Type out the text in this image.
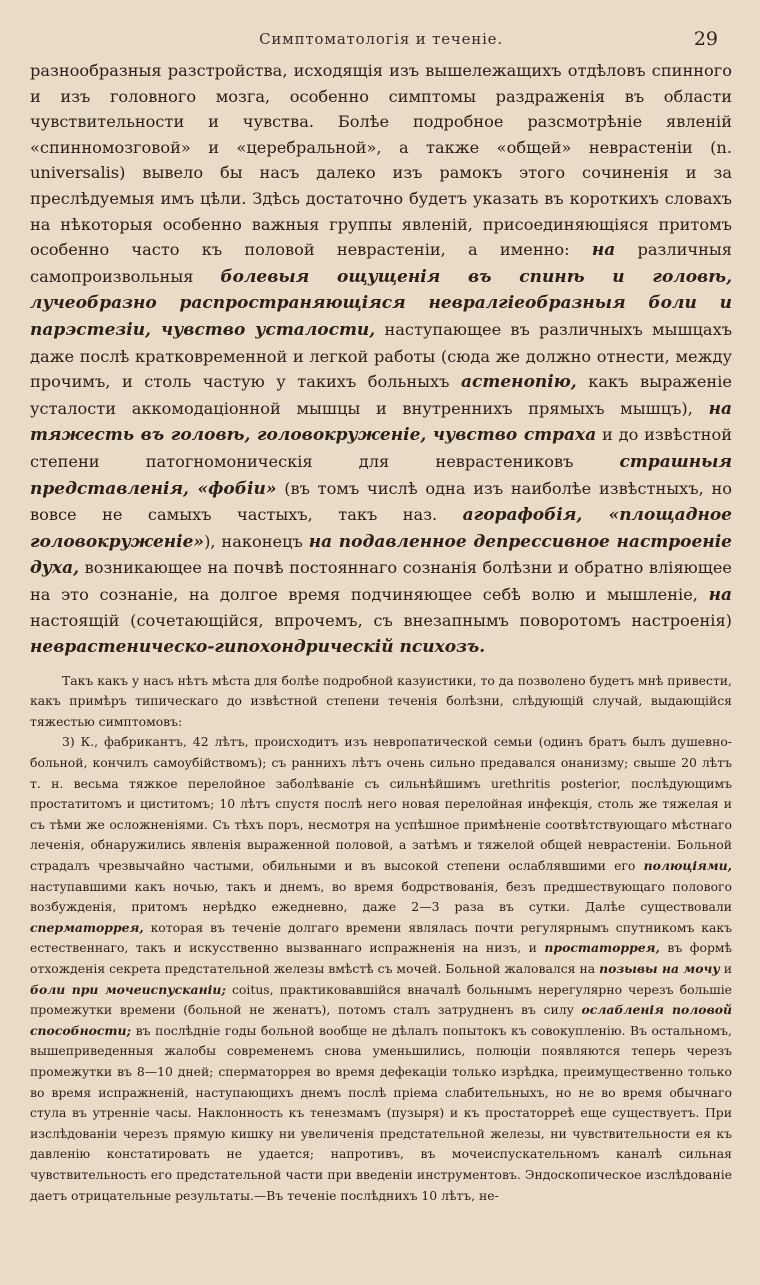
Симптоматологія и теченіе.	29

разнообразныя разстройства, исходящія изъ вышележащихъ отдѣловъ спинного и изъ головного мозга, особенно симптомы раздраженія въ области чувствительности и чувства. Болѣе подробное разсмотрѣніе явленій «спинномозговой» и «церебральной», а также «общей» неврастеніи (n. universalis) вывело бы насъ далеко изъ рамокъ этого сочиненія и за преслѣдуемыя имъ цѣли. Здѣсь достаточно будетъ указать въ короткихъ словахъ на нѣкоторыя особенно важныя группы явленій, присоединяющіяся притомъ особенно часто къ половой неврастеніи, а именно: на различныя самопроизвольныя болевыя ощущенія въ спинѣ и головѣ, лучеобразно распространяющіяся невралгіеобразныя боли и парэстезіи, чувство усталости, наступающее въ различныхъ мышцахъ даже послѣ кратковременной и легкой работы (сюда же должно отнести, между прочимъ, и столь частую у такихъ больныхъ астенопію, какъ выраженіе усталости аккомодаціонной мышцы и внутреннихъ прямыхъ мышцъ), на тяжесть въ головѣ, головокруженіе, чувство страха и до извѣстной степени патогномоническія для неврастениковъ страшныя представленія, «фобіи» (въ томъ числѣ одна изъ наиболѣе извѣстныхъ, но вовсе не самыхъ частыхъ, такъ наз. агорафобія, «площадное головокруженіе»), наконецъ на подавленное депрессивное настроеніе духа, возникающее на почвѣ постояннаго сознанія болѣзни и обратно вліяющее на это сознаніе, на долгое время подчиняющее себѣ волю и мышленіе, на настоящій (сочетающійся, впрочемъ, съ внезапнымъ поворотомъ настроенія) неврастеническо-гипохондрическій психозъ.

Такъ какъ у насъ нѣтъ мѣста для болѣе подробной казуистики, то да позволено будетъ мнѣ привести, какъ примѣръ типическаго до извѣстной степени теченія болѣзни, слѣдующій случай, выдающійся тяжестью симптомовъ:

3) К., фабрикантъ, 42 лѣтъ, происходитъ изъ невропатической семьи (одинъ братъ былъ душевно-больной, кончилъ самоубійствомъ); съ раннихъ лѣтъ очень сильно предавался онанизму; свыше 20 лѣтъ т. н. весьма тяжкое перелойное заболѣваніе съ сильнѣйшимъ urethritis posterior, послѣдующимъ простатитомъ и циститомъ; 10 лѣтъ спустя послѣ него новая перелойная инфекція, столь же тяжелая и съ тѣми же осложненіями. Съ тѣхъ поръ, несмотря на успѣшное примѣненіе соотвѣтствующаго мѣстнаго леченія, обнаружились явленія выраженной половой, а затѣмъ и тяжелой общей неврастеніи. Больной страдалъ чрезвычайно частыми, обильными и въ высокой степени ослаблявшими его полюціями, наступавшими какъ ночью, такъ и днемъ, во время бодрствованія, безъ предшествующаго полового возбужденія, притомъ нерѣдко ежедневно, даже 2—3 раза въ сутки. Далѣе существовали сперматоррея, которая въ теченіе долгаго времени являлась почти регулярнымъ спутникомъ какъ естественнаго, такъ и искусственно вызваннаго испражненія на низъ, и простаторрея, въ формѣ отхожденія секрета предстательной железы вмѣстѣ съ мочей. Больной жаловался на позывы на мочу и боли при мочеиспусканіи; coitus, практиковавшійся вначалѣ больнымъ нерегулярно черезъ большіе промежутки времени (больной не женатъ), потомъ сталъ затрудненъ въ силу ослабленія половой способности; въ послѣдніе годы больной вообще не дѣлалъ попытокъ къ совокупленію. Въ остальномъ, вышеприведенныя жалобы современемъ снова уменьшились, полюціи появляются теперь черезъ промежутки въ 8—10 дней; сперматоррея во время дефекаціи только изрѣдка, преимущественно только во время испражненій, наступающихъ днемъ послѣ пріема слабительныхъ, но не во время обычнаго стула въ утренніе часы. Наклонность къ тенезмамъ (пузыря) и къ простаторреѣ еще существуетъ. При изслѣдованіи черезъ прямую кишку ни увеличенія предстательной железы, ни чувствительности ея къ давленію констатировать не удается; напротивъ, въ мочеиспускательномъ каналѣ сильная чувствительность его предстательной части при введеніи инструментовъ. Эндоскопическое изслѣдованіе даетъ отрицательные результаты.—Въ теченіе послѣднихъ 10 лѣтъ, не-
